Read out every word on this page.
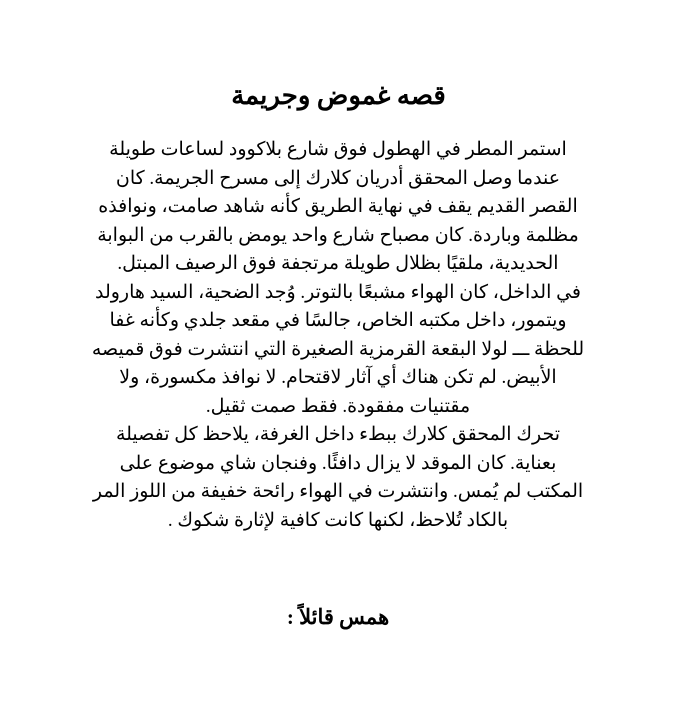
قصه غموض وجريمة
استمر المطر في الهطول فوق شارع بلاكوود لساعات طويلة
عندما وصل المحقق أدريان كلارك إلى مسرح الجريمة. كان
القصر القديم يقف في نهاية الطريق كأنه شاهد صامت، ونوافذه
مظلمة وباردة. كان مصباح شارع واحد يومض بالقرب من البوابة
الحديدية، ملقيًا بظلال طويلة مرتجفة فوق الرصيف المبتل.
في الداخل، كان الهواء مشبعًا بالتوتر. وُجد الضحية، السيد هارولد
ويتمور، داخل مكتبه الخاص، جالسًا في مقعد جلدي وكأنه غفا
للحظة ـــ لولا البقعة القرمزية الصغيرة التي انتشرت فوق قميصه
الأبيض. لم تكن هناك أي آثار لاقتحام. لا نوافذ مكسورة، ولا
مقتنيات مفقودة. فقط صمت ثقيل.
تحرك المحقق كلارك ببطء داخل الغرفة، يلاحظ كل تفصيلة
بعناية. كان الموقد لا يزال دافئًا. وفنجان شاي موضوع على
المكتب لم يُمس. وانتشرت في الهواء رائحة خفيفة من اللوز المر
بالكاد تُلاحظ، لكنها كانت كافية لإثارة شكوك .
همس قائلاً :
